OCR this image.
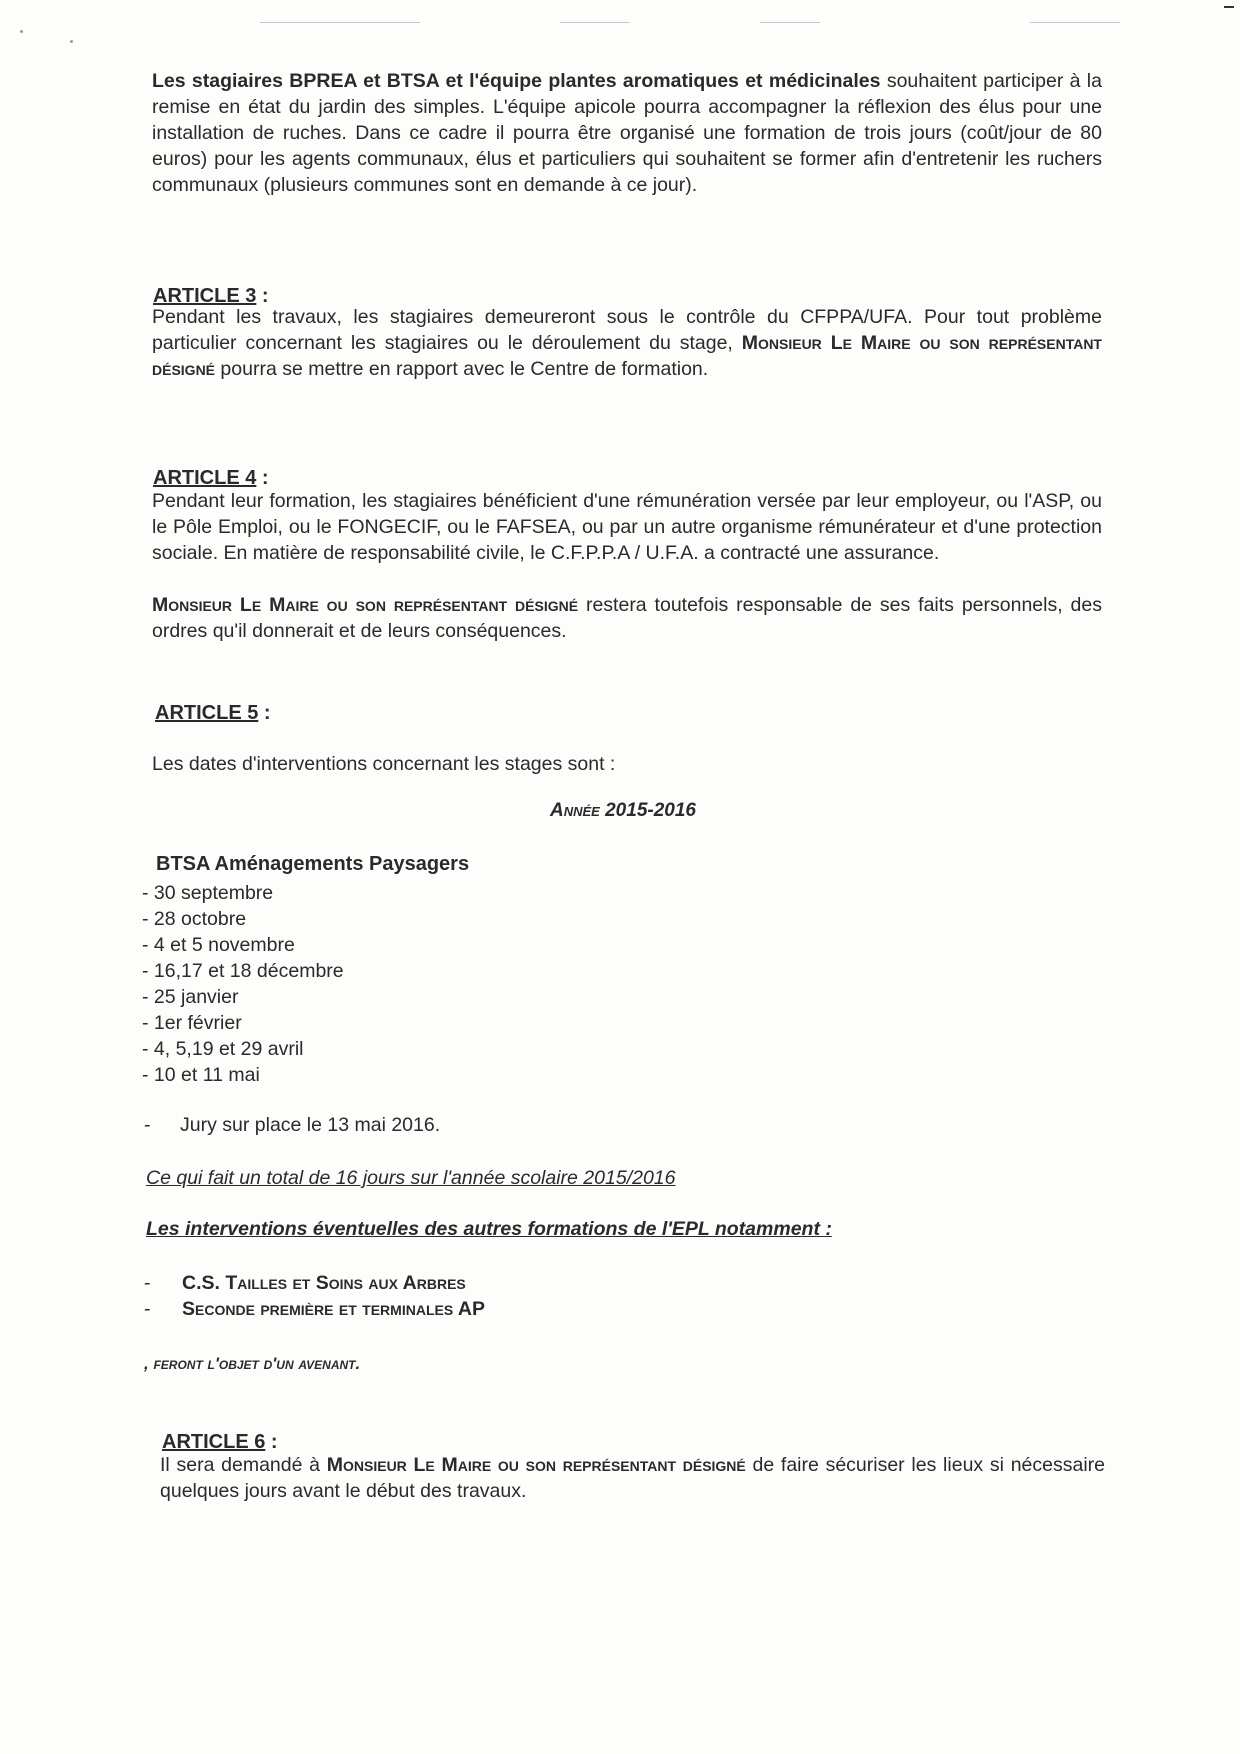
Les stagiaires BPREA et BTSA et l'équipe plantes aromatiques et médicinales souhaitent participer à la remise en état du jardin des simples. L'équipe apicole pourra accompagner la réflexion des élus pour une installation de ruches. Dans ce cadre il pourra être organisé une formation de trois jours (coût/jour de 80 euros) pour les agents communaux, élus et particuliers qui souhaitent se former afin d'entretenir les ruchers communaux (plusieurs communes sont en demande à ce jour).

ARTICLE 3 :

Pendant les travaux, les stagiaires demeureront sous le contrôle du CFPPA/UFA. Pour tout problème particulier concernant les stagiaires ou le déroulement du stage, Monsieur Le Maire ou son représentant désigné pourra se mettre en rapport avec le Centre de formation.

ARTICLE 4 :

Pendant leur formation, les stagiaires bénéficient d'une rémunération versée par leur employeur, ou l'ASP, ou le Pôle Emploi, ou le FONGECIF, ou le FAFSEA, ou par un autre organisme rémunérateur et d'une protection sociale. En matière de responsabilité civile, le C.F.P.P.A / U.F.A. a contracté une assurance.

Monsieur Le Maire ou son représentant désigné restera toutefois responsable de ses faits personnels, des ordres qu'il donnerait et de leurs conséquences.

ARTICLE 5 :

Les dates d'interventions concernant les stages sont :

Année 2015-2016
BTSA Aménagements Paysagers
- 30 septembre
- 28 octobre
- 4 et 5 novembre
- 16,17 et 18 décembre
- 25 janvier
- 1er février
- 4, 5,19 et 29 avril
- 10 et 11 mai
- Jury sur place le 13 mai 2016.
Ce qui fait un total de 16 jours sur l'année scolaire 2015/2016
Les interventions éventuelles des autres formations de l'EPL notamment :
- C.S. Tailles et Soins aux Arbres
- Seconde première et terminales AP
, feront l'objet d'un avenant.
ARTICLE 6 :

Il sera demandé à Monsieur Le Maire ou son représentant désigné de faire sécuriser les lieux si nécessaire quelques jours avant le début des travaux.
